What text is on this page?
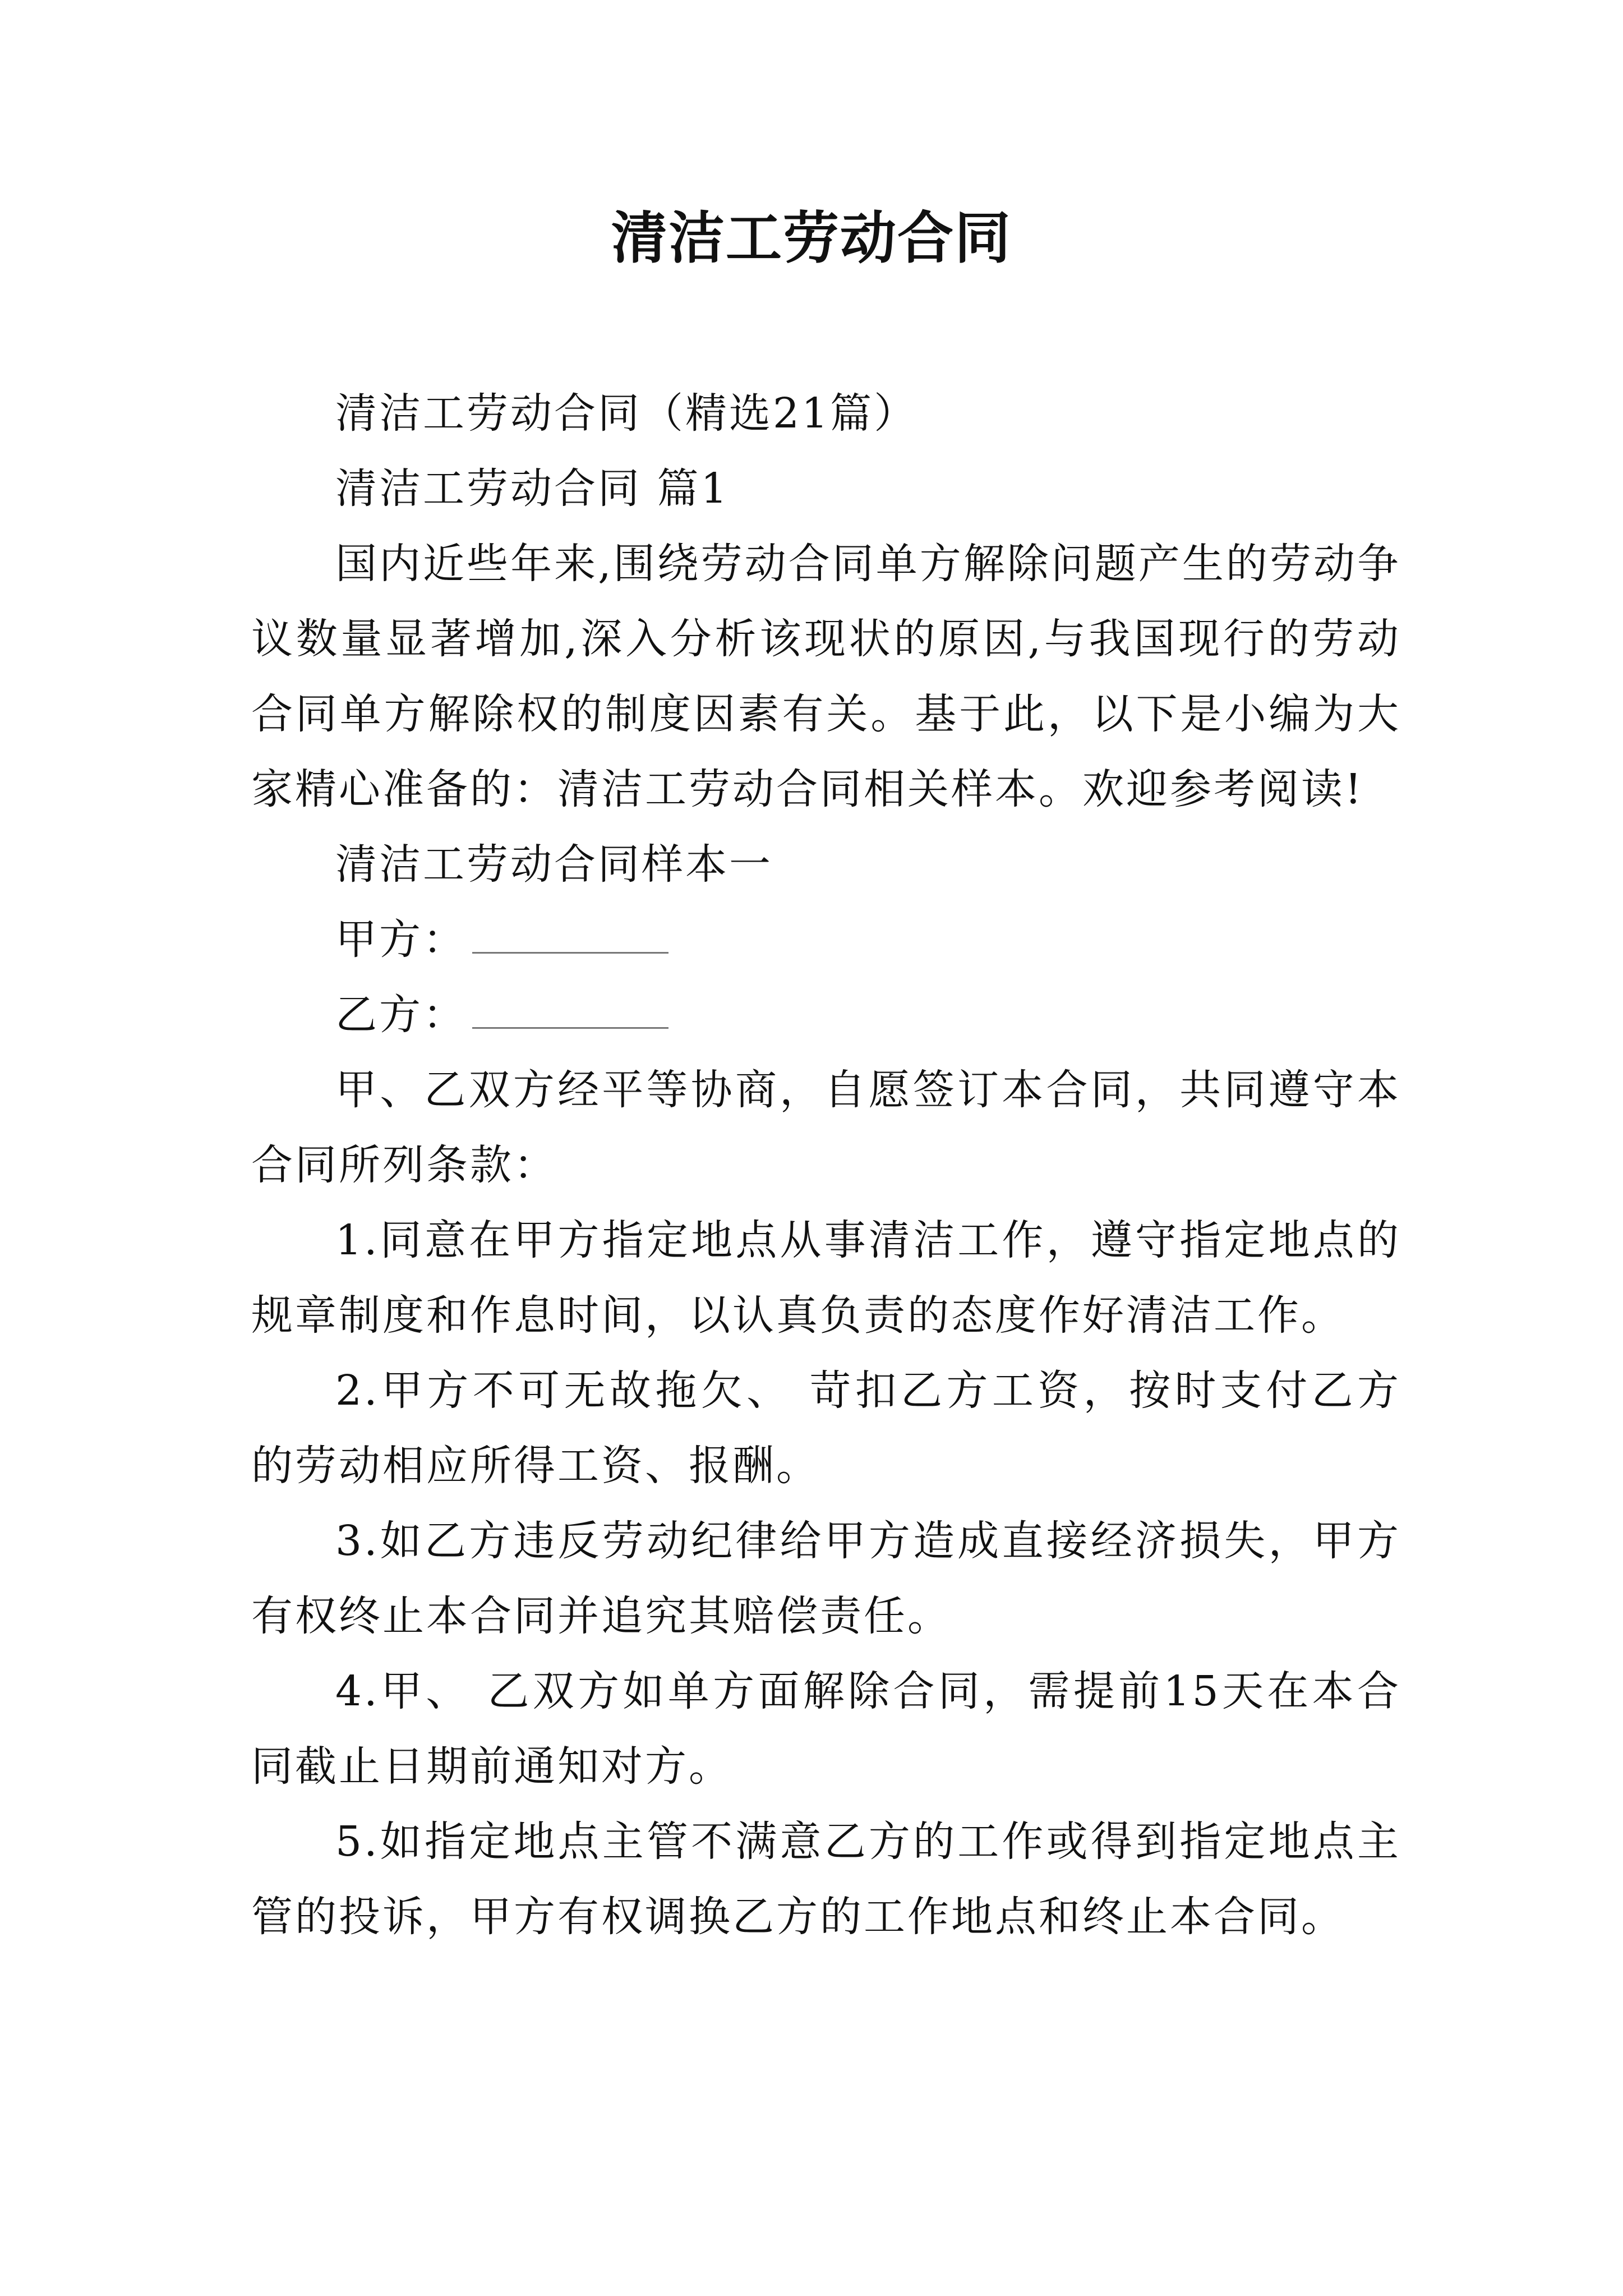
清洁工劳动合同

清洁工劳动合同（精选21篇）

清洁工劳动合同 篇1

国内近些年来,围绕劳动合同单方解除问题产生的劳动争议数量显著增加,深入分析该现状的原因,与我国现行的劳动合同单方解除权的制度因素有关。基于此，以下是小编为大家精心准备的：清洁工劳动合同相关样本。欢迎参考阅读!

清洁工劳动合同样本一

甲方：

乙方：

甲、乙双方经平等协商，自愿签订本合同，共同遵守本合同所列条款：

1.同意在甲方指定地点从事清洁工作，遵守指定地点的规章制度和作息时间，以认真负责的态度作好清洁工作。

2.甲方不可无故拖欠、 苛扣乙方工资，按时支付乙方的劳动相应所得工资、报酬。

3.如乙方违反劳动纪律给甲方造成直接经济损失，甲方有权终止本合同并追究其赔偿责任。

4.甲、 乙双方如单方面解除合同，需提前15天在本合同截止日期前通知对方。

5.如指定地点主管不满意乙方的工作或得到指定地点主管的投诉，甲方有权调换乙方的工作地点和终止本合同。
